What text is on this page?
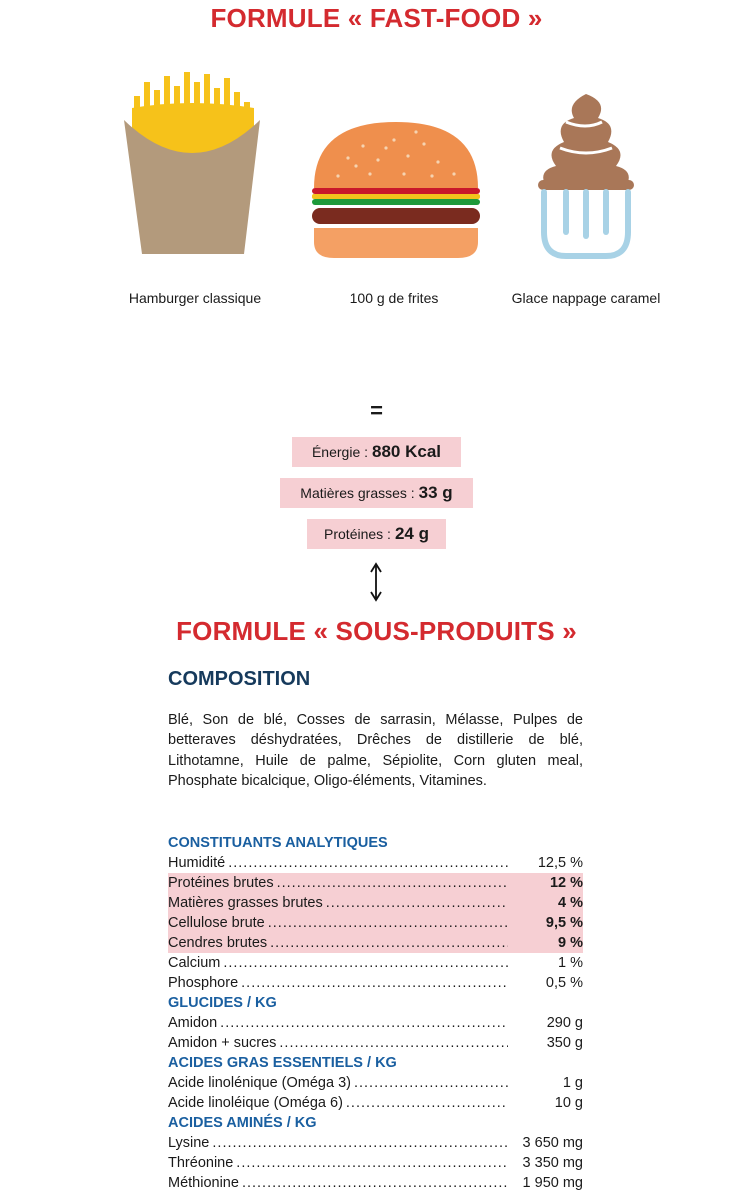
FORMULE « FAST-FOOD »
Hamburger classique	100 g de frites	Glace nappage caramel
=
Énergie : 880 Kcal
Matières grasses : 33 g
Protéines : 24 g
FORMULE « SOUS-PRODUITS »
COMPOSITION
Blé, Son de blé, Cosses de sarrasin, Mélasse, Pulpes de betteraves déshydratées, Drêches de distillerie de blé, Lithotamne, Huile de palme, Sépiolite, Corn gluten meal, Phosphate bicalcique, Oligo-éléments, Vitamines.
CONSTITUANTS ANALYTIQUES
Humidité .....	12,5 %
Protéines brutes .....	12 %
Matières grasses brutes .....	4 %
Cellulose brute .....	9,5 %
Cendres brutes .....	9 %
Calcium .....	1 %
Phosphore .....	0,5 %
GLUCIDES / KG
Amidon .....	290 g
Amidon + sucres .....	350 g
ACIDES GRAS ESSENTIELS / KG
Acide linolénique (Oméga 3) .....	1 g
Acide linoléique (Oméga 6) .....	10 g
ACIDES AMINÉS / KG
Lysine .....	3 650 mg
Thréonine .....	3 350 mg
Méthionine .....	1 950 mg
